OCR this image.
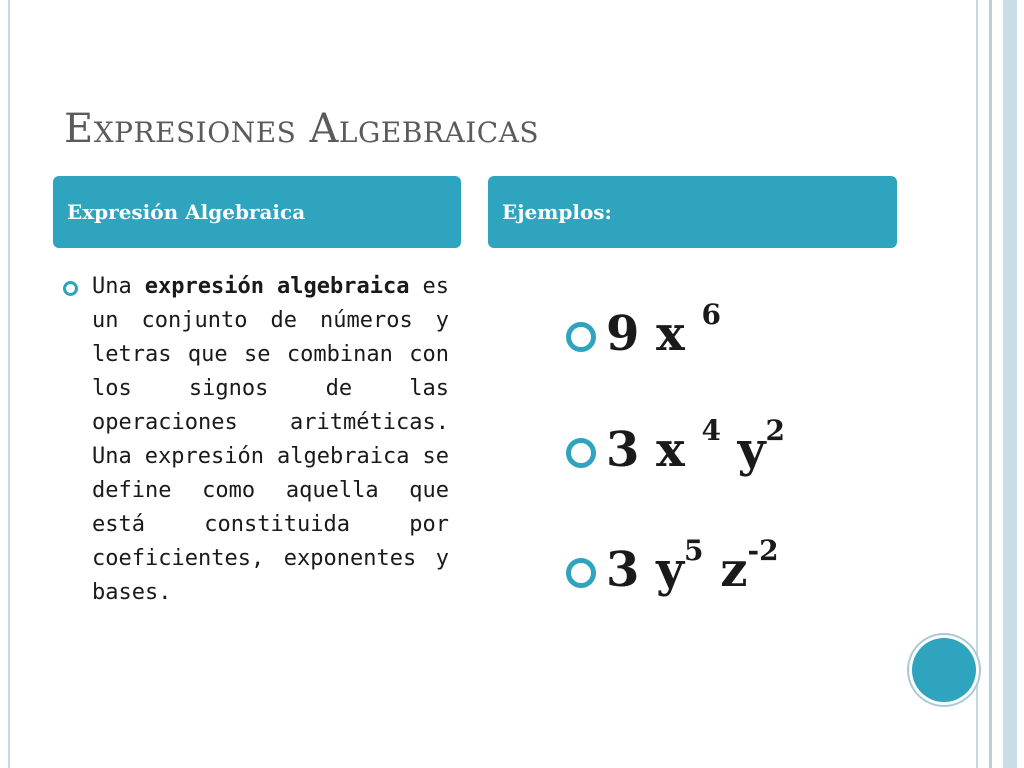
Expresiones Algebraicas
Expresión Algebraica	Ejemplos:

Una expresión algebraica es un conjunto de números y letras que se combinan con los signos de las operaciones aritméticas. Una expresión algebraica se define como aquella que está constituida por coeficientes, exponentes y bases.

9 x $^6$
3 x $^4$ $y^2$
3 $y^5$ $z^{-2}$
